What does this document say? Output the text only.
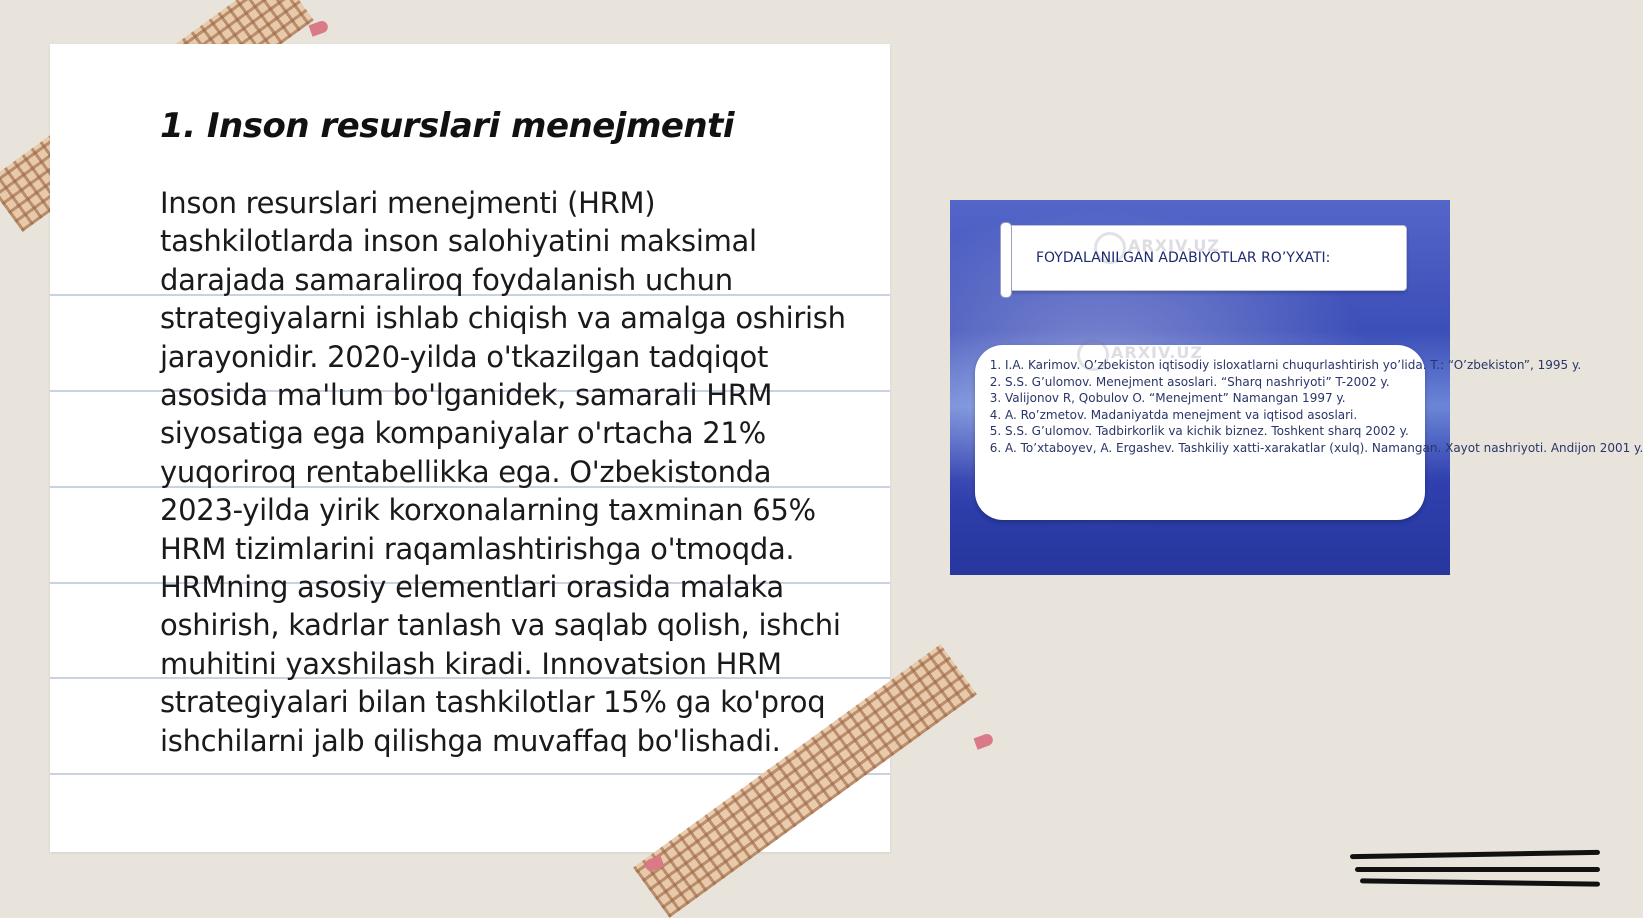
1. Inson resurslari menejmenti

Inson resurslari menejmenti (HRM) tashkilotlarda inson salohiyatini maksimal darajada samaraliroq foydalanish uchun strategiyalarni ishlab chiqish va amalga oshirish jarayonidir. 2020-yilda o'tkazilgan tadqiqot asosida ma'lum bo'lganidek, samarali HRM siyosatiga ega kompaniyalar o'rtacha 21% yuqoriroq rentabellikka ega. O'zbekistonda 2023-yilda yirik korxonalarning taxminan 65% HRM tizimlarini raqamlashtirishga o'tmoqda. HRMning asosiy elementlari orasida malaka oshirish, kadrlar tanlash va saqlab qolish, ishchi muhitini yaxshilash kiradi. Innovatsion HRM strategiyalari bilan tashkilotlar 15% ga ko'proq ishchilarni jalb qilishga muvaffaq bo'lishadi.

ARXIV.UZ
FOYDALANILGAN ADABIYOTLAR RO’YXATI:
ARXIV.UZ
1. I.A. Karimov. O’zbekiston iqtisodiy isloxatlarni chuqurlashtirish yo’lida. T.: “O’zbekiston”, 1995 y.
2. S.S. G’ulomov. Menejment asoslari. “Sharq nashriyoti” T-2002 y.
3. Valijonov R, Qobulov O. “Menejment” Namangan 1997 y.
4. A. Ro’zmetov. Madaniyatda menejment va iqtisod asoslari.
5. S.S. G’ulomov. Tadbirkorlik va kichik biznez. Toshkent sharq 2002 y.
6. A. To’xtaboyev, A. Ergashev. Tashkiliy xatti-xarakatlar (xulq). Namangan. Xayot nashriyoti. Andijon 2001 y.
